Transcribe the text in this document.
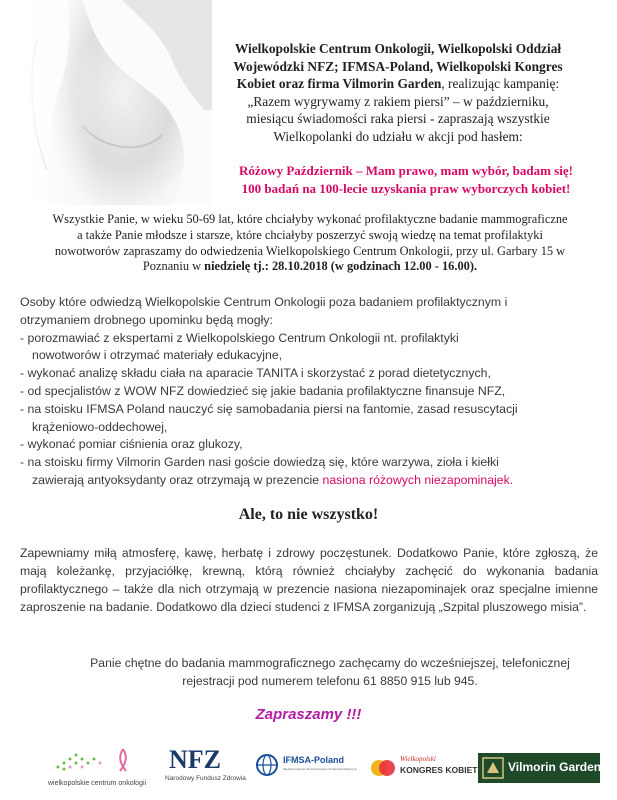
Wielkopolskie Centrum Onkologii, Wielkopolski Oddział
Wojewódzki NFZ; IFMSA-Poland, Wielkopolski Kongres
Kobiet oraz firma Vilmorin Garden, realizując kampanię:
„Razem wygrywamy z rakiem piersi” – w październiku,
miesiącu świadomości raka piersi - zapraszają wszystkie
Wielkopolanki do udziału w akcji pod hasłem:
Różowy Październik – Mam prawo, mam wybór, badam się!
100 badań na 100-lecie uzyskania praw wyborczych kobiet!
Wszystkie Panie, w wieku 50-69 lat, które chciałyby wykonać profilaktyczne badanie mammograficzne
a także Panie młodsze i starsze, które chciałyby poszerzyć swoją wiedzę na temat profilaktyki
nowotworów zapraszamy do odwiedzenia Wielkopolskiego Centrum Onkologii, przy ul. Garbary 15 w
Poznaniu w niedzielę tj.: 28.10.2018 (w godzinach 12.00 - 16.00).
Osoby które odwiedzą Wielkopolskie Centrum Onkologii poza badaniem profilaktycznym i
otrzymaniem drobnego upominku będą mogły:
- porozmawiać z ekspertami z Wielkopolskiego Centrum Onkologii nt. profilaktyki
nowotworów i otrzymać materiały edukacyjne,
- wykonać analizę składu ciała na aparacie TANITA i skorzystać z porad dietetycznych,
- od specjalistów z WOW NFZ dowiedzieć się jakie badania profilaktyczne finansuje NFZ,
- na stoisku IFMSA Poland nauczyć się samobadania piersi na fantomie, zasad resuscytacji
krążeniowo-oddechowej,
- wykonać pomiar ciśnienia oraz glukozy,
- na stoisku firmy Vilmorin Garden nasi goście dowiedzą się, które warzywa, zioła i kiełki
zawierają antyoksydanty oraz otrzymają w prezencie nasiona różowych niezapominajek.
Ale, to nie wszystko!
Zapewniamy miłą atmosferę, kawę, herbatę i zdrowy poczęstunek. Dodatkowo Panie, które zgłoszą, że mają koleżankę, przyjaciółkę, krewną, którą również chciałyby zachęcić do wykonania badania profilaktycznego – także dla nich otrzymają w prezencie nasiona niezapominajek oraz specjalne imienne zaproszenie na badanie. Dodatkowo dla dzieci studenci z IFMSA zorganizują „Szpital pluszowego misia”.
Panie chętne do badania mammograficznego zachęcamy do wcześniejszej, telefonicznej
rejestracji pod numerem telefonu 61 8850 915 lub 945.
Zapraszamy !!!
wielkopolskie centrum onkologii
NFZ
Narodowy Fundusz Zdrowia
IFMSA-Poland
Międzynarodowe Stowarzyszenie Studentów Medycyny
Wielkopolski
KONGRES KOBIET	Vilmorin Garden
